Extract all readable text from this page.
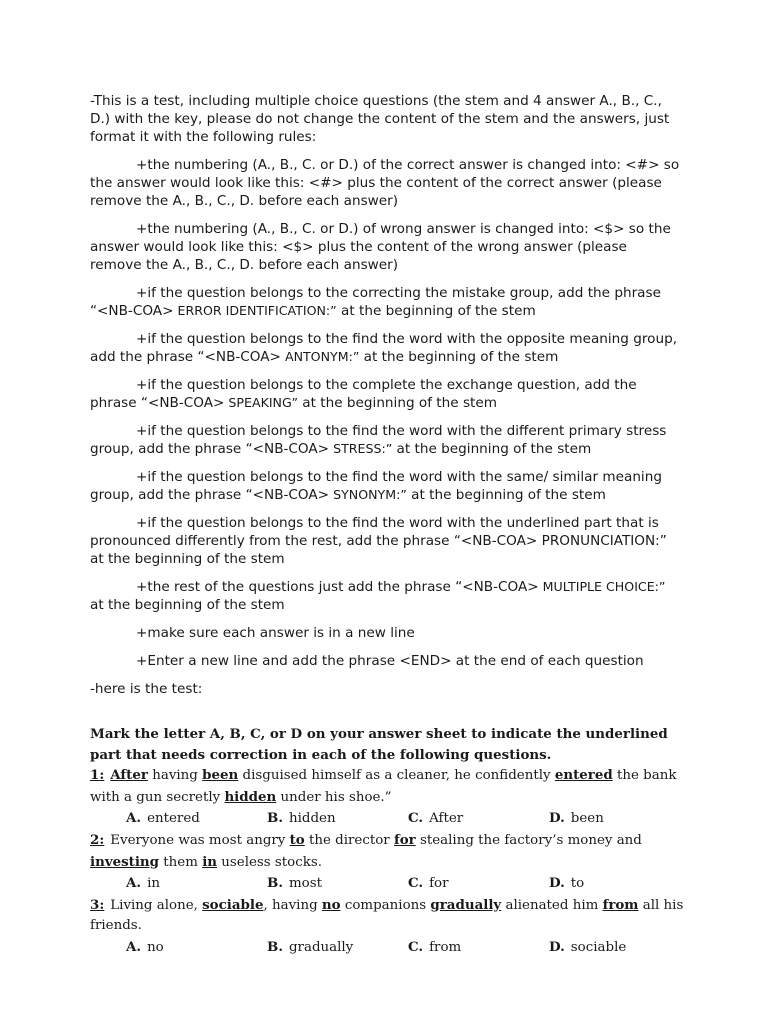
-This is a test, including multiple choice questions (the stem and 4 answer A., B., C., D.) with the key, please do not change the content of the stem and the answers, just format it with the following rules:

+the numbering (A., B., C. or D.) of the correct answer is changed into: <#> so the answer would look like this: <#> plus the content of the correct answer (please remove the A., B., C., D. before each answer)

+the numbering (A., B., C. or D.) of wrong answer is changed into: <$> so the answer would look like this: <$> plus the content of the wrong answer (please remove the A., B., C., D. before each answer)

+if the question belongs to the correcting the mistake group, add the phrase “<NB-COA> ERROR IDENTIFICATION:” at the beginning of the stem

+if the question belongs to the find the word with the opposite meaning group, add the phrase “<NB-COA> ANTONYM:” at the beginning of the stem

+if the question belongs to the complete the exchange question, add the phrase “<NB-COA> SPEAKING” at the beginning of the stem

+if the question belongs to the find the word with the different primary stress group, add the phrase “<NB-COA> STRESS:” at the beginning of the stem

+if the question belongs to the find the word with the same/ similar meaning group, add the phrase “<NB-COA> SYNONYM:” at the beginning of the stem

+if the question belongs to the find the word with the underlined part that is pronounced differently from the rest, add the phrase “<NB-COA> PRONUNCIATION:” at the beginning of the stem

+the rest of the questions just add the phrase “<NB-COA> MULTIPLE CHOICE:” at the beginning of the stem

+make sure each answer is in a new line

+Enter a new line and add the phrase <END> at the end of each question

-here is the test:

Mark the letter A, B, C, or D on your answer sheet to indicate the underlined part that needs correction in each of the following questions.

1: After having been disguised himself as a cleaner, he confidently entered the bank with a gun secretly hidden under his shoe.”

A. entered	B. hidden	C. After	D. been

2: Everyone was most angry to the director for stealing the factory’s money and investing them in useless stocks.

A. in	B. most	C. for	D. to

3: Living alone, sociable, having no companions gradually alienated him from all his friends.

A. no	B. gradually	C. from	D. sociable
